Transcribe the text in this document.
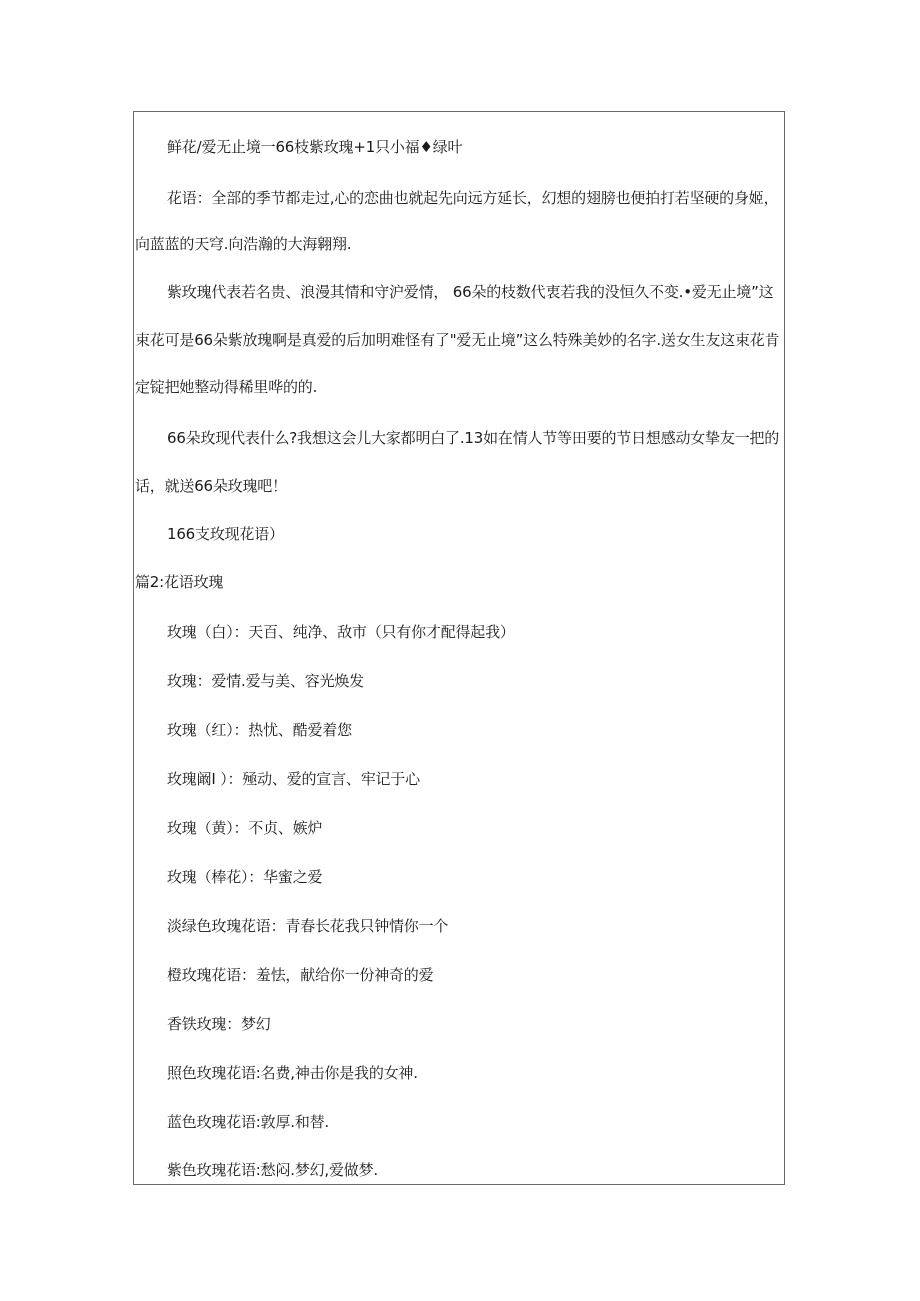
鲜花/爱无止境一66枝紫玫瑰+1只小福♦绿叶
花语：全部的季节都走过,心的恋曲也就起先向远方延长，幻想的翅膀也便拍打若坚硬的身姬，
向蓝蓝的天穹.向浩瀚的大海翱翔.
紫玫瑰代表若名贵、浪漫其情和守沪爱情， 66朵的枝数代衷若我的没恒久不变.•爱无止境”这
束花可是66朵紫放瑰啊是真爱的后加明难怪有了"爱无止境”这么特殊美妙的名字.送女生友这束花肯
定锭把她整动得稀里哗的的.
66朵玫现代表什么?我想这会儿大家都明白了.13如在情人节等田要的节日想感动女挚友一把的
话，就送66朵玫瑰吧！
166支玫现花语）
篇2:花语玫瑰
玫瑰（白）：天百、纯净、敌市（只有你才配得起我）
玫瑰：爱情.爱与美、容光焕发
玫瑰（红）：热忧、酷爱着您
玫瑰阚I ）：殛动、爱的宣言、牢记于心
玫瑰（黄）：不贞、嫉炉
玫瑰（棒花）：华蜜之爱
淡绿色玫瑰花语：青春长花我只钟情你一个
橙玫瑰花语：羞怯，献给你一份神奇的爱
香铁玫瑰：梦幻
照色玫瑰花语:名费,神击你是我的女神.
蓝色玫瑰花语:敦厚.和替.
紫色玫瑰花语:愁闷.梦幻,爱做梦.
